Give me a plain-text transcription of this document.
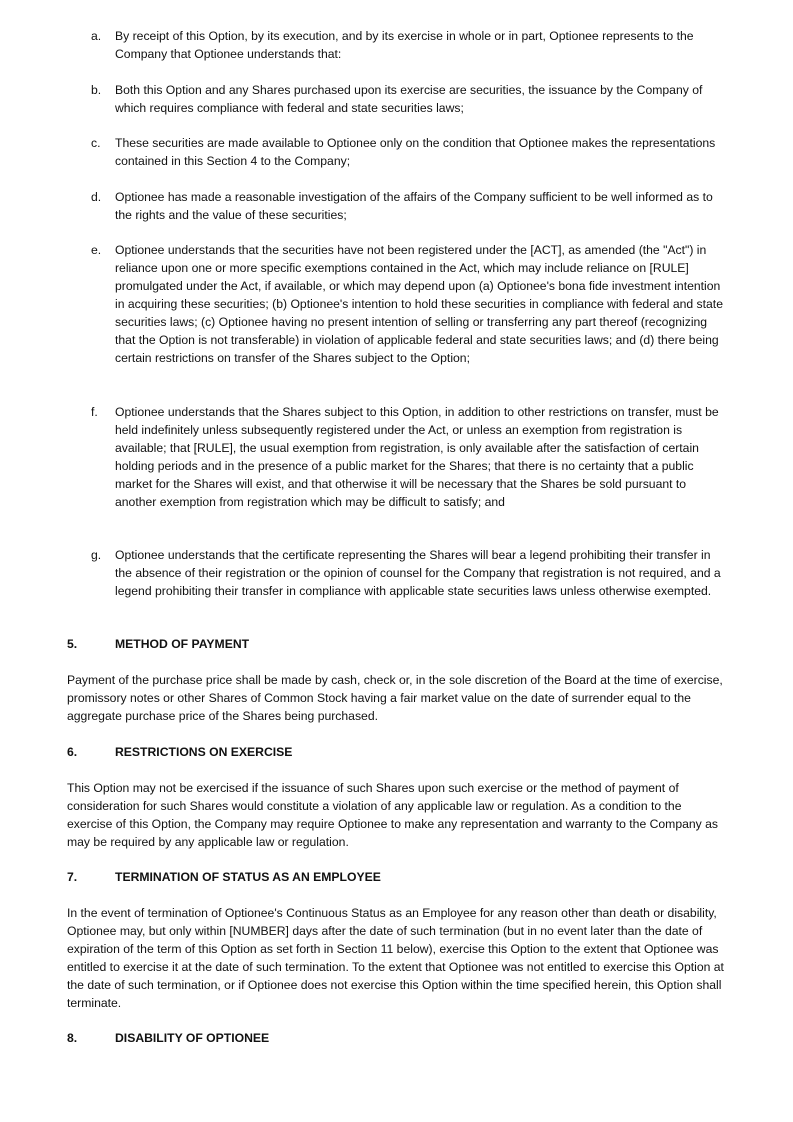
a.	By receipt of this Option, by its execution, and by its exercise in whole or in part, Optionee represents to the Company that Optionee understands that:
b.	Both this Option and any Shares purchased upon its exercise are securities, the issuance by the Company of which requires compliance with federal and state securities laws;
c.	These securities are made available to Optionee only on the condition that Optionee makes the representations contained in this Section 4 to the Company;
d.	Optionee has made a reasonable investigation of the affairs of the Company sufficient to be well informed as to the rights and the value of these securities;
e.	Optionee understands that the securities have not been registered under the [ACT], as amended (the "Act") in reliance upon one or more specific exemptions contained in the Act, which may include reliance on [RULE] promulgated under the Act, if available, or which may depend upon (a) Optionee's bona fide investment intention in acquiring these securities; (b) Optionee's intention to hold these securities in compliance with federal and state securities laws; (c) Optionee having no present intention of selling or transferring any part thereof (recognizing that the Option is not transferable) in violation of applicable federal and state securities laws; and (d) there being certain restrictions on transfer of the Shares subject to the Option;
f.	Optionee understands that the Shares subject to this Option, in addition to other restrictions on transfer, must be held indefinitely unless subsequently registered under the Act, or unless an exemption from registration is available; that [RULE], the usual exemption from registration, is only available after the satisfaction of certain holding periods and in the presence of a public market for the Shares; that there is no certainty that a public market for the Shares will exist, and that otherwise it will be necessary that the Shares be sold pursuant to another exemption from registration which may be difficult to satisfy; and
g.	Optionee understands that the certificate representing the Shares will bear a legend prohibiting their transfer in the absence of their registration or the opinion of counsel for the Company that registration is not required, and a legend prohibiting their transfer in compliance with applicable state securities laws unless otherwise exempted.
5.	METHOD OF PAYMENT
Payment of the purchase price shall be made by cash, check or, in the sole discretion of the Board at the time of exercise, promissory notes or other Shares of Common Stock having a fair market value on the date of surrender equal to the aggregate purchase price of the Shares being purchased.
6.	RESTRICTIONS ON EXERCISE
This Option may not be exercised if the issuance of such Shares upon such exercise or the method of payment of consideration for such Shares would constitute a violation of any applicable law or regulation. As a condition to the exercise of this Option, the Company may require Optionee to make any representation and warranty to the Company as may be required by any applicable law or regulation.
7.	TERMINATION OF STATUS AS AN EMPLOYEE
In the event of termination of Optionee's Continuous Status as an Employee for any reason other than death or disability, Optionee may, but only within [NUMBER] days after the date of such termination (but in no event later than the date of expiration of the term of this Option as set forth in Section 11 below), exercise this Option to the extent that Optionee was entitled to exercise it at the date of such termination. To the extent that Optionee was not entitled to exercise this Option at the date of such termination, or if Optionee does not exercise this Option within the time specified herein, this Option shall terminate.
8.	DISABILITY OF OPTIONEE
